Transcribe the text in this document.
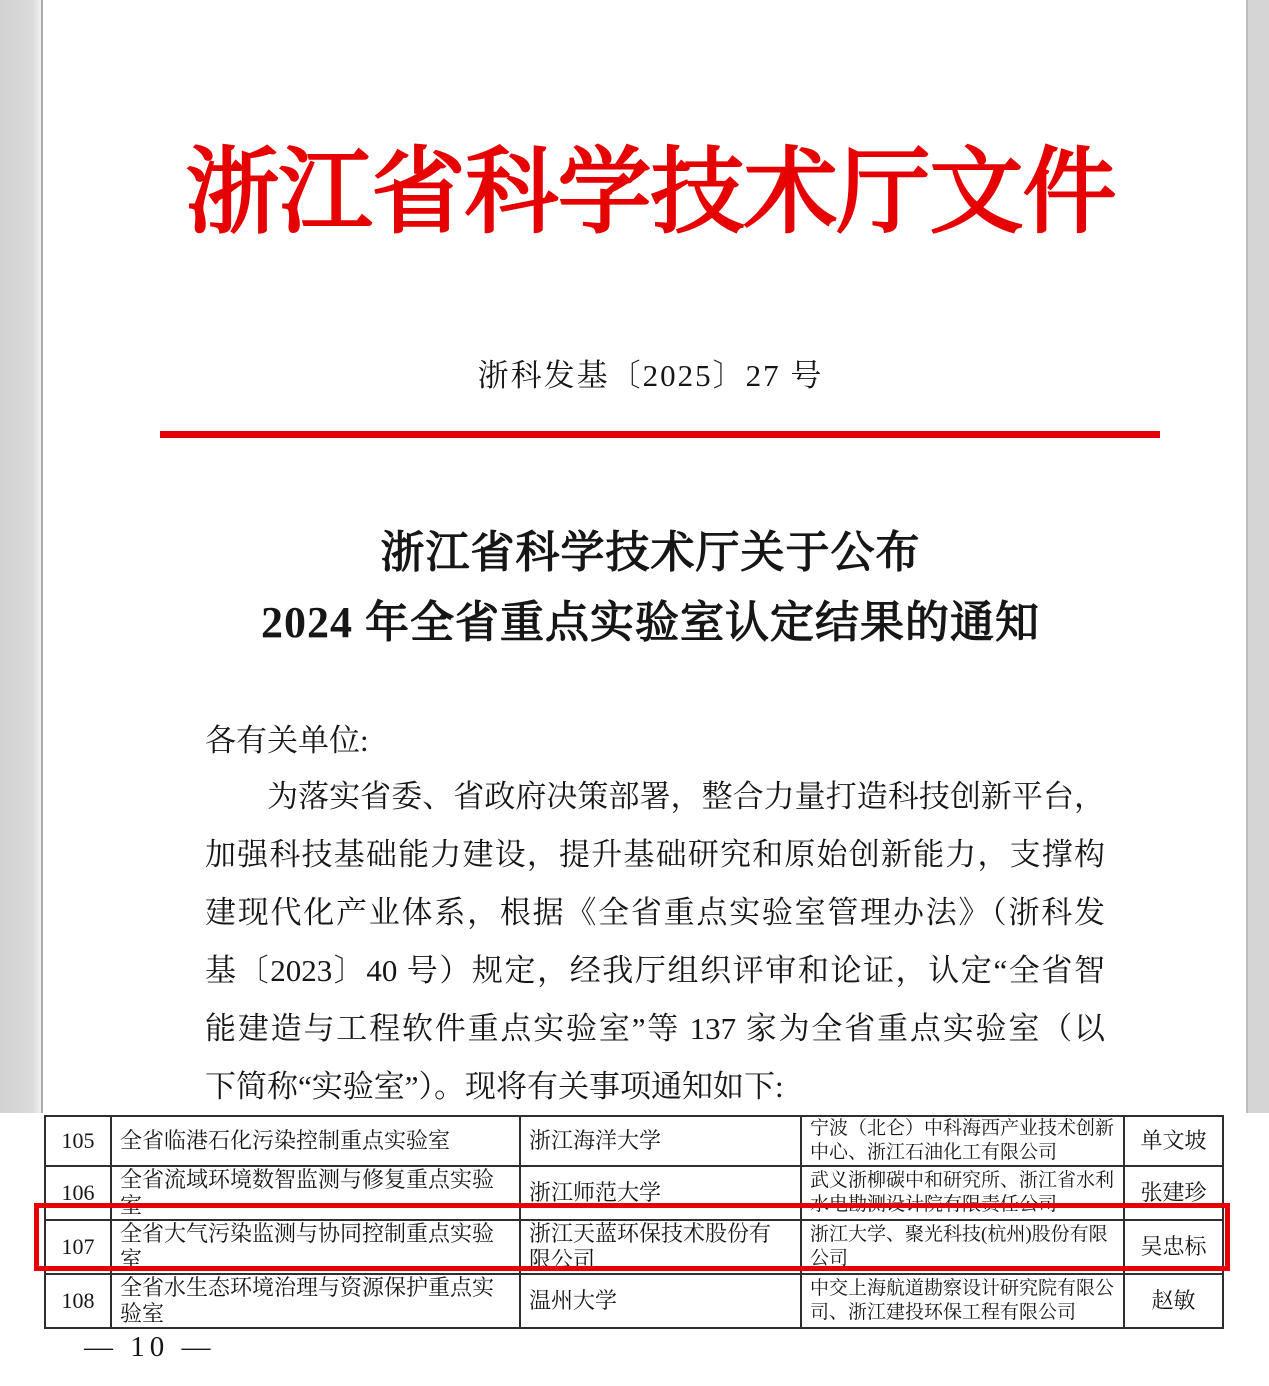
浙江省科学技术厅文件
浙科发基〔2025〕27 号
浙江省科学技术厅关于公布
2024 年全省重点实验室认定结果的通知
各有关单位:
　　为落实省委、省政府决策部署，整合力量打造科技创新平台，
加强科技基础能力建设，提升基础研究和原始创新能力，支撑构
建现代化产业体系，根据《全省重点实验室管理办法》（浙科发
基〔2023〕40 号）规定，经我厅组织评审和论证，认定“全省智
能建造与工程软件重点实验室”等 137 家为全省重点实验室（以
下简称“实验室”）。现将有关事项通知如下:
105	全省临港石化污染控制重点实验室	浙江海洋大学	宁波（北仑）中科海西产业技术创新中心、浙江石油化工有限公司	单文坡
106	全省流域环境数智监测与修复重点实验室	浙江师范大学	武义浙柳碳中和研究所、浙江省水利水电勘测设计院有限责任公司	张建珍
107	全省大气污染监测与协同控制重点实验室	浙江天蓝环保技术股份有限公司	浙江大学、聚光科技(杭州)股份有限公司	吴忠标
108	全省水生态环境治理与资源保护重点实验室	温州大学	中交上海航道勘察设计研究院有限公司、浙江建投环保工程有限公司	赵敏
— 10 —
